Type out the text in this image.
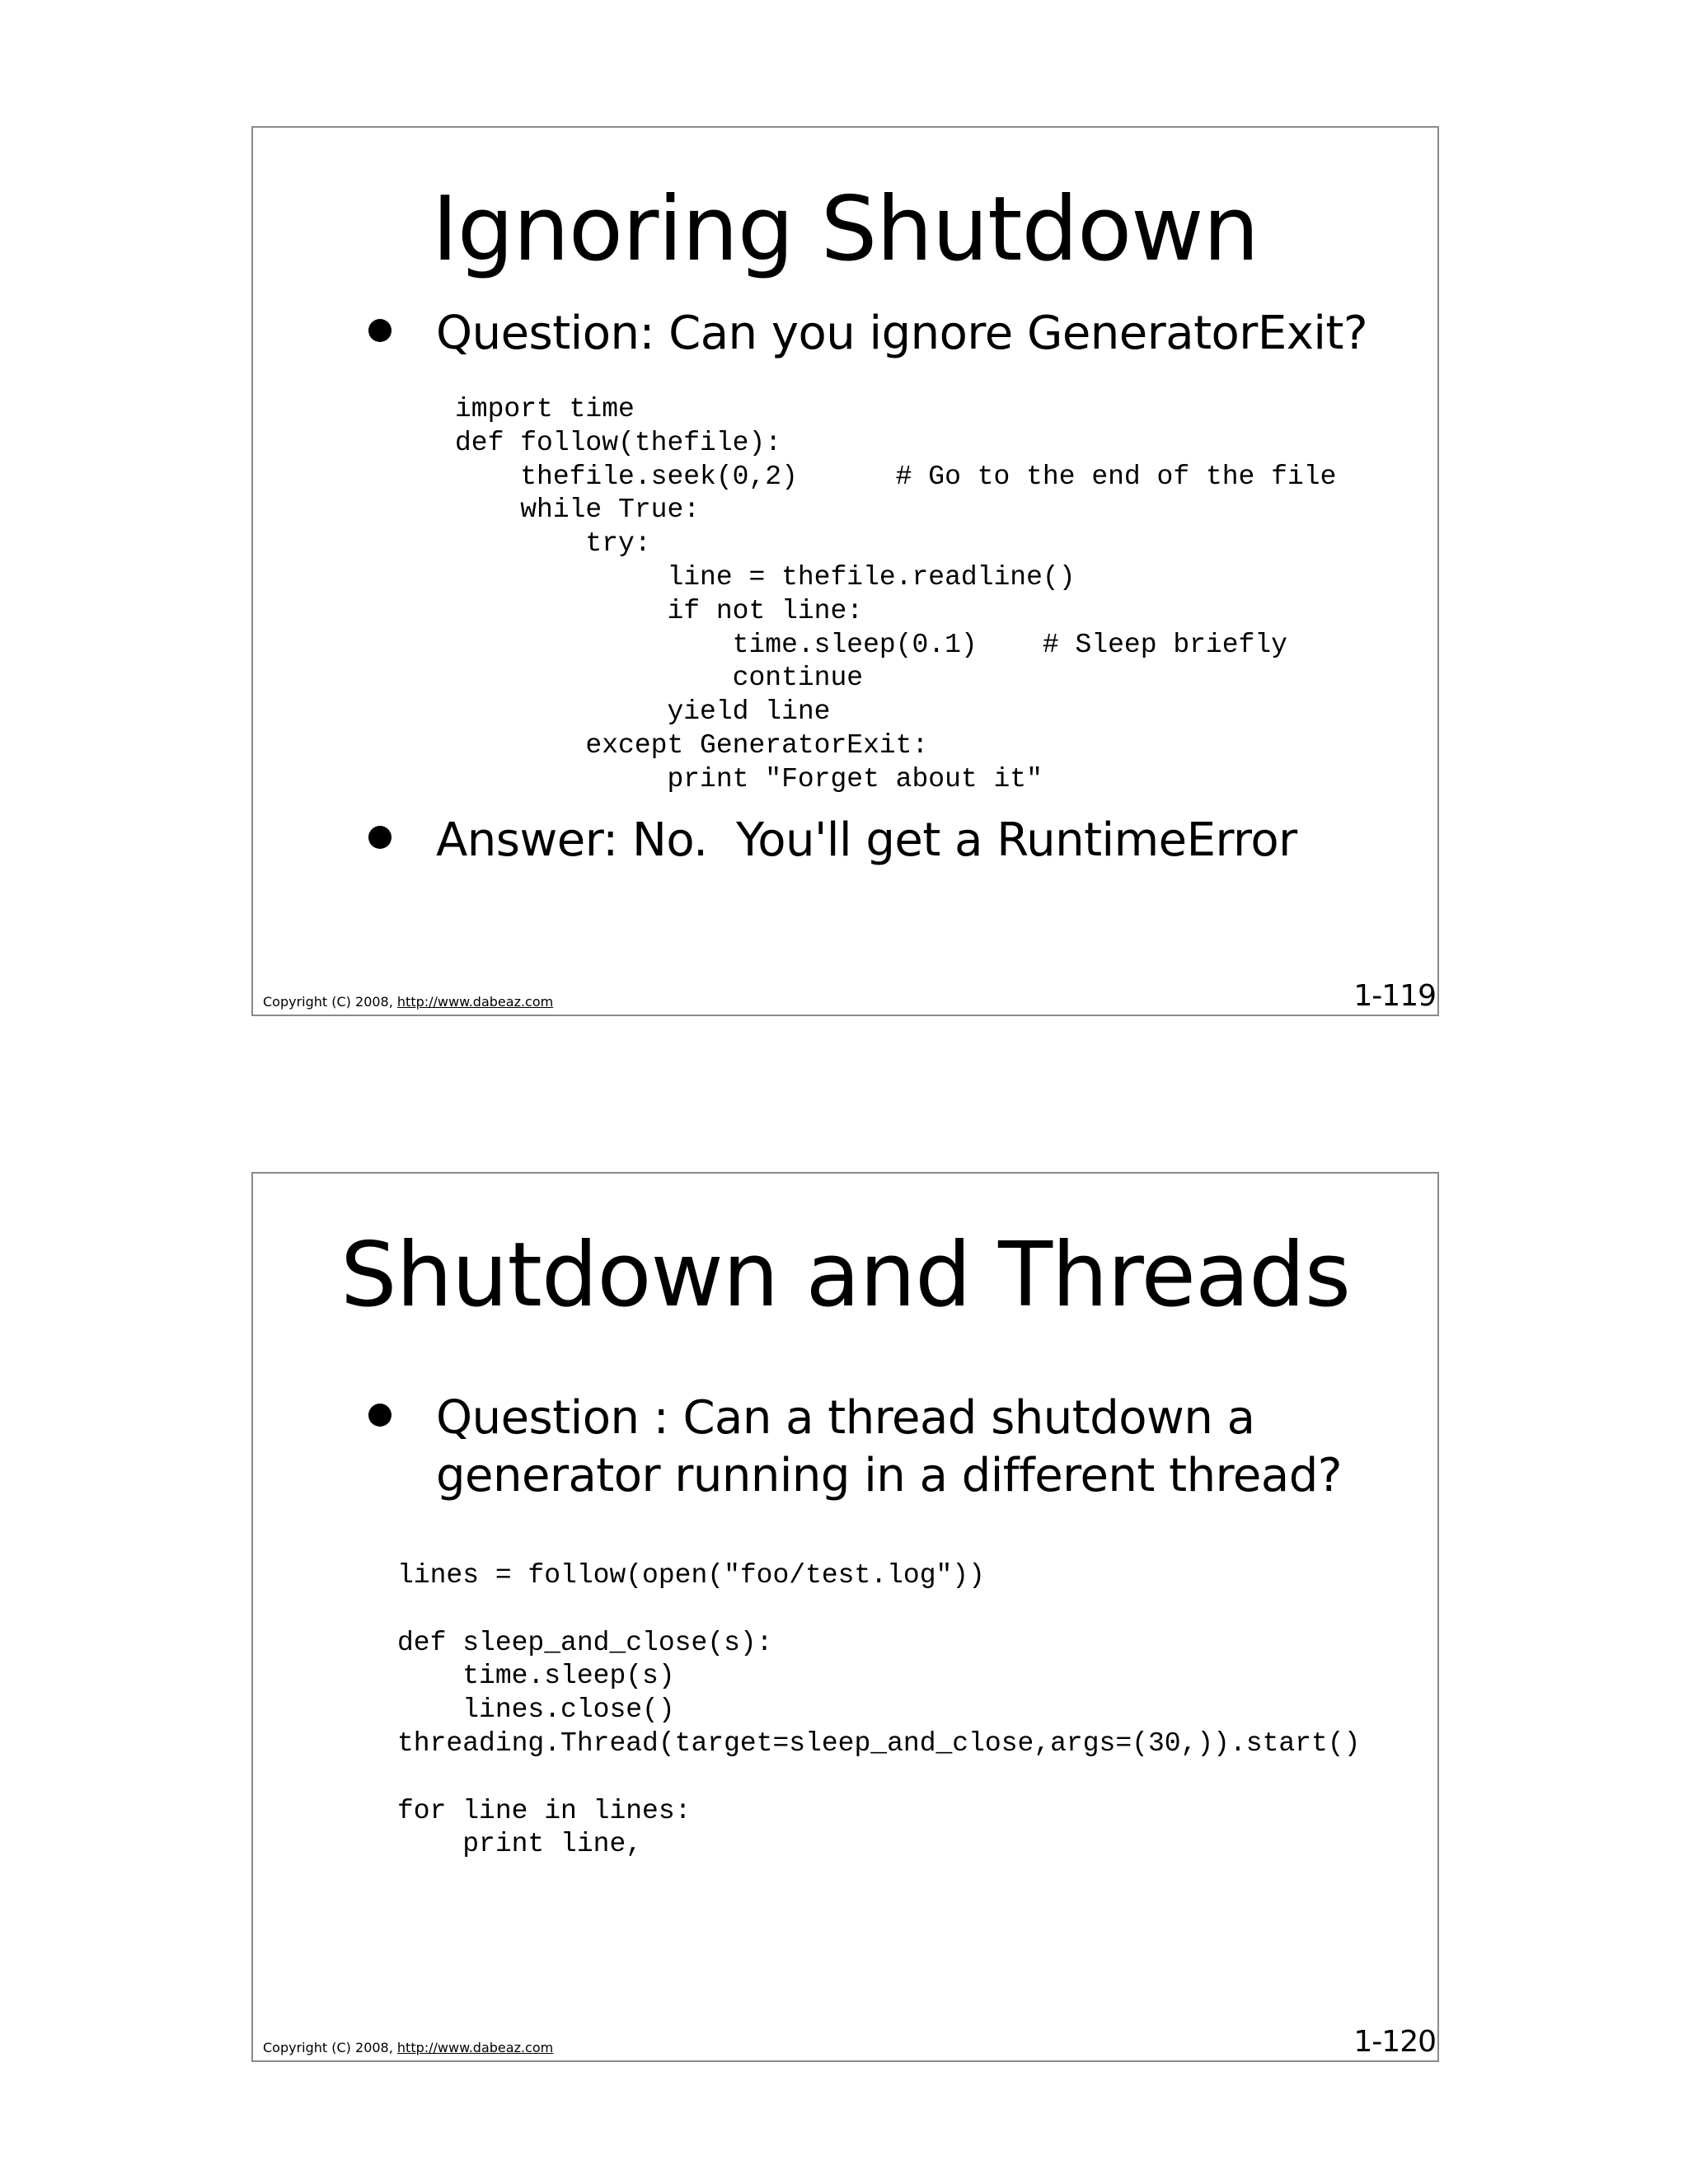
Ignoring Shutdown
Question: Can you ignore GeneratorExit?
import time
def follow(thefile):
thefile.seek(0,2)      # Go to the end of the file
while True:
try:
line = thefile.readline()
if not line:
time.sleep(0.1)    # Sleep briefly
continue
yield line
except GeneratorExit:
print "Forget about it"
Answer: No.  You'll get a RuntimeError
Copyright (C) 2008, http://www.dabeaz.com	1-119
Shutdown and Threads
Question : Can a thread shutdown a generator running in a different thread?
lines = follow(open("foo/test.log"))
def sleep_and_close(s):
time.sleep(s)
lines.close()
threading.Thread(target=sleep_and_close,args=(30,)).start()
for line in lines:
print line,
Copyright (C) 2008, http://www.dabeaz.com	1-120
